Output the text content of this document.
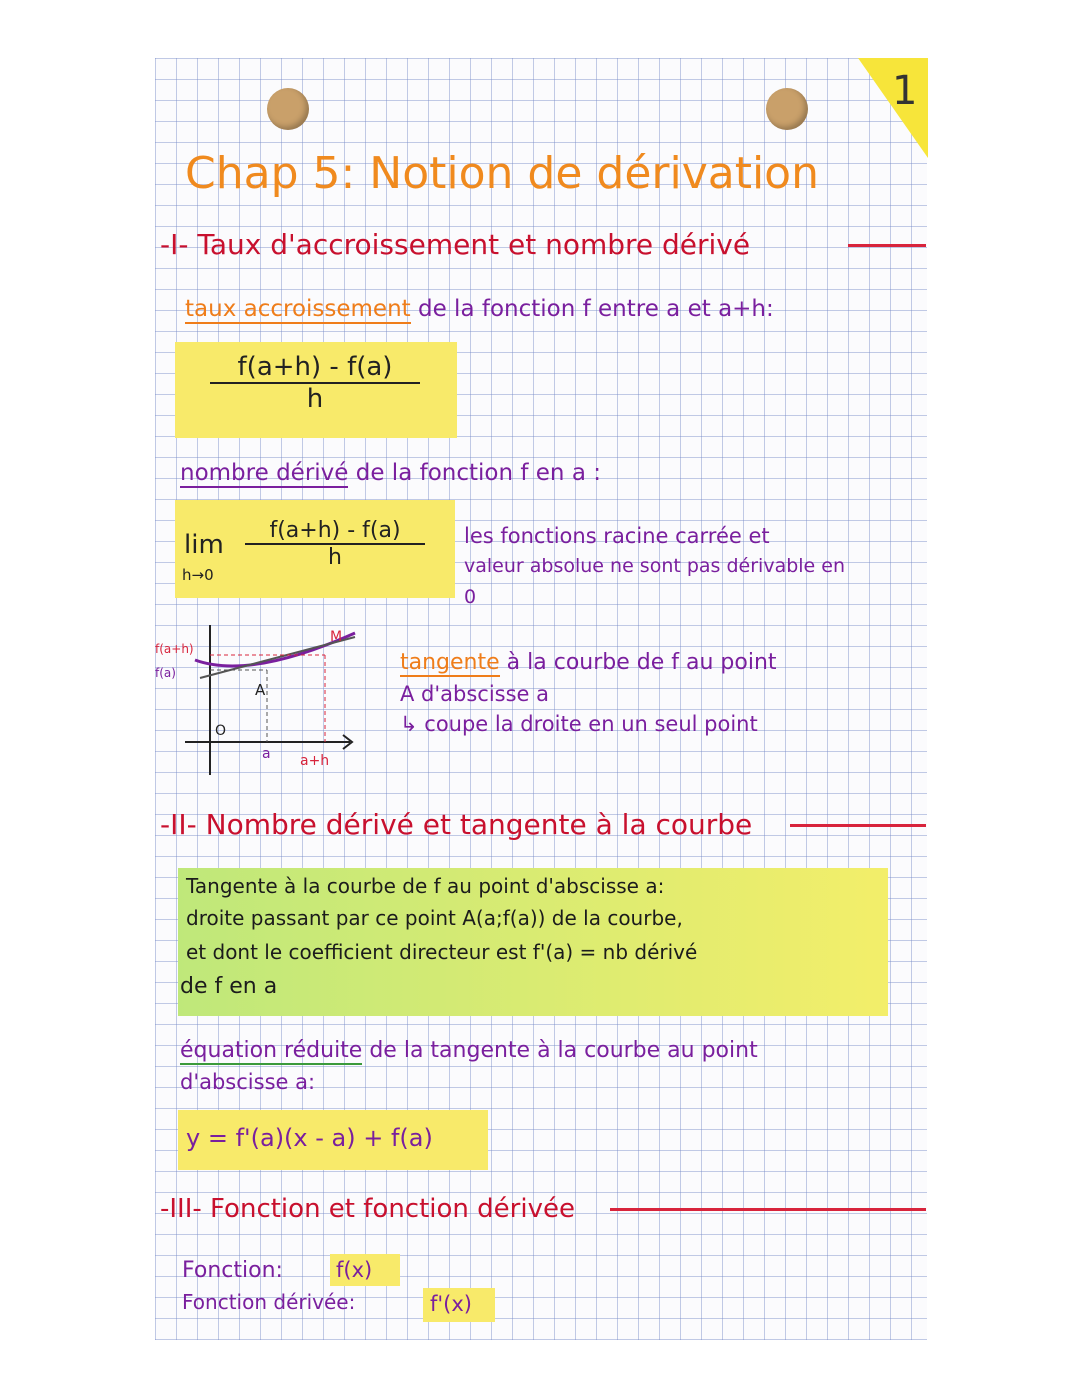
1
Chap 5: Notion de dérivation
-I- Taux d'accroissement et nombre dérivé
taux accroissement de la fonction f entre a et a+h:
$\frac{f(a+h) - f(a)}{h}$
nombre dérivé de la fonction f en a :
lim
h→0
$\frac{f(a+h) - f(a)}{h}$ les fonctions racine carrée et
valeur absolue ne sont pas dérivable en
0
f(a+h)
f(a)
A
M
O
a a+h
tangente à la courbe de f au point
A d'abscisse a
↳ coupe la droite en un seul point
-II- Nombre dérivé et tangente à la courbe
Tangente à la courbe de f au point d'abscisse a:
droite passant par ce point A(a;f(a)) de la courbe,
et dont le coefficient directeur est f'(a) = nb dérivé
de f en a
équation réduite de la tangente à la courbe au point
d'abscisse a:
y = f'(a)(x - a) + f(a)
-III- Fonction et fonction dérivée
Fonction:	f(x)
Fonction dérivée:	f'(x)
